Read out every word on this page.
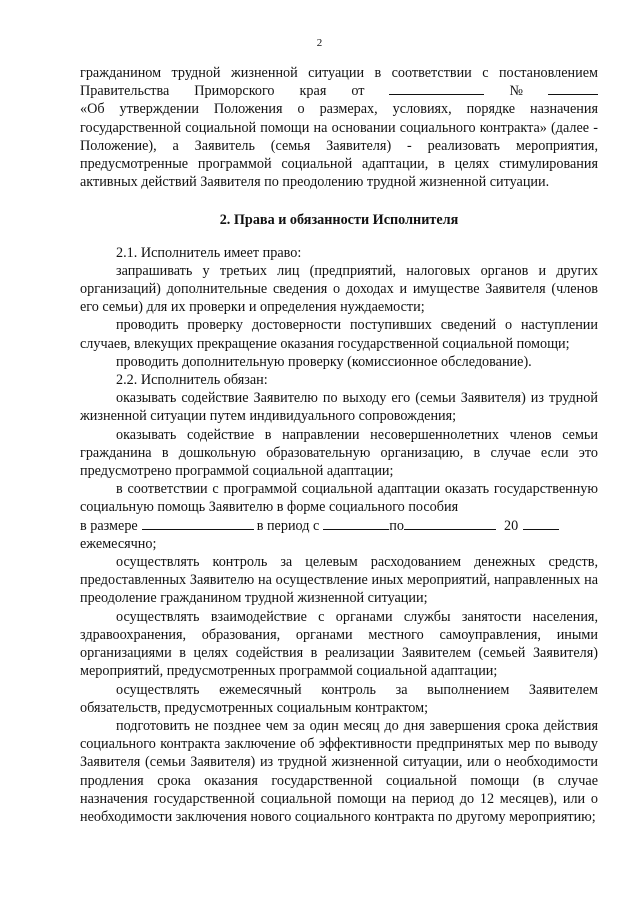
2

гражданином трудной жизненной ситуации в соответствии с постановлением

Правительства Приморского края от	№

«Об утверждении Положения о размерах, условиях, порядке назначения государственной социальной помощи на основании социального контракта» (далее - Положение), а Заявитель (семья Заявителя) - реализовать мероприятия, предусмотренные программой социальной адаптации, в целях стимулирования активных действий Заявителя по преодолению трудной жизненной ситуации.

2. Права и обязанности Исполнителя

2.1. Исполнитель имеет право:

запрашивать у третьих лиц (предприятий, налоговых органов и других организаций) дополнительные сведения о доходах и имуществе Заявителя (членов его семьи) для их проверки и определения нуждаемости;

проводить проверку достоверности поступивших сведений о наступлении случаев, влекущих прекращение оказания государственной социальной помощи;

проводить дополнительную проверку (комиссионное обследование).

2.2. Исполнитель обязан:

оказывать содействие Заявителю по выходу его (семьи Заявителя) из трудной жизненной ситуации путем индивидуального сопровождения;

оказывать содействие в направлении несовершеннолетних членов семьи гражданина в дошкольную образовательную организацию, в случае если это предусмотрено программой социальной адаптации;

в соответствии с программой социальной адаптации оказать государственную социальную помощь Заявителю в форме социального пособия

в размере	в период с	по	20

ежемесячно;

осуществлять контроль за целевым расходованием денежных средств, предоставленных Заявителю на осуществление иных мероприятий, направленных на преодоление гражданином трудной жизненной ситуации;

осуществлять взаимодействие с органами службы занятости населения, здравоохранения, образования, органами местного самоуправления, иными организациями в целях содействия в реализации Заявителем (семьей Заявителя) мероприятий, предусмотренных программой социальной адаптации;

осуществлять ежемесячный контроль за выполнением Заявителем обязательств, предусмотренных социальным контрактом;

подготовить не позднее чем за один месяц до дня завершения срока действия социального контракта заключение об эффективности предпринятых мер по выводу Заявителя (семьи Заявителя) из трудной жизненной ситуации, или о необходимости продления срока оказания государственной социальной помощи (в случае назначения государственной социальной помощи на период до 12 месяцев), или о необходимости заключения нового социального контракта по другому мероприятию;
